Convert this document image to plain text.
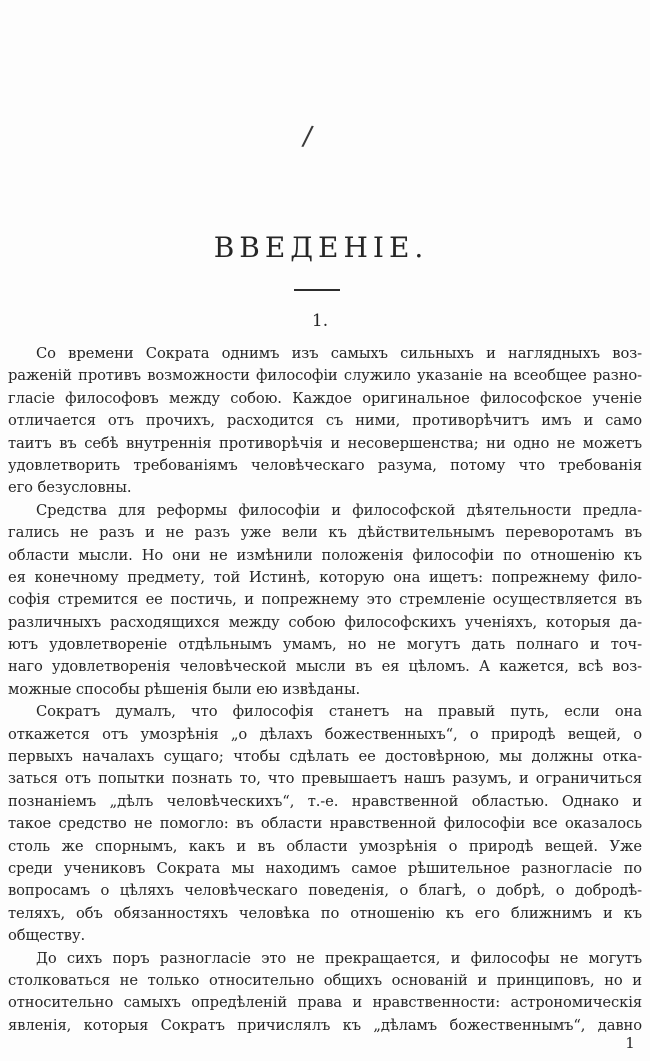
/
ВВЕДЕНІЕ.
1.

Со времени Сократа однимъ изъ самыхъ сильныхъ и наглядныхъ воз-
раженій противъ возможности философіи служило указаніе на всеобщее разно-
гласіе философовъ между собою. Каждое оригинальное философское ученіе
отличается отъ прочихъ, расходится съ ними, противорѣчитъ имъ и само
таитъ въ себѣ внутреннія противорѣчія и несовершенства; ни одно не можетъ
удовлетворить требованіямъ человѣческаго разума, потому что требованія
его безусловны.

Средства для реформы философіи и философской дѣятельности предла-
гались не разъ и не разъ уже вели къ дѣйствительнымъ переворотамъ въ
области мысли. Но они не измѣнили положенія философіи по отношенію къ
ея конечному предмету, той Истинѣ, которую она ищетъ: попрежнему фило-
софія стремится ее постичь, и попрежнему это стремленіе осуществляется въ
различныхъ расходящихся между собою философскихъ ученіяхъ, которыя да-
ютъ удовлетвореніе отдѣльнымъ умамъ, но не могутъ дать полнаго и точ-
наго удовлетворенія человѣческой мысли въ ея цѣломъ. А кажется, всѣ воз-
можные способы рѣшенія были ею извѣданы.

Сократъ думалъ, что философія станетъ на правый путь, если она
откажется отъ умозрѣнія „о дѣлахъ божественныхъ“, о природѣ вещей, о
первыхъ началахъ сущаго; чтобы сдѣлать ее достовѣрною, мы должны отка-
заться отъ попытки познать то, что превышаетъ нашъ разумъ, и ограничиться
познаніемъ „дѣлъ человѣческихъ“, т.-е. нравственной областью. Однако и
такое средство не помогло: въ области нравственной философіи все оказалось
столь же спорнымъ, какъ и въ области умозрѣнія о природѣ вещей. Уже
среди учениковъ Сократа мы находимъ самое рѣшительное разногласіе по
вопросамъ о цѣляхъ человѣческаго поведенія, о благѣ, о добрѣ, о добродѣ-
теляхъ, объ обязанностяхъ человѣка по отношенію къ его ближнимъ и къ
обществу.

До сихъ поръ разногласіе это не прекращается, и философы не могутъ
столковаться не только относительно общихъ основаній и принциповъ, но и
относительно самыхъ опредѣленій права и нравственности: астрономическія
явленія, которыя Сократъ причислялъ къ „дѣламъ божественнымъ“, давно

1
